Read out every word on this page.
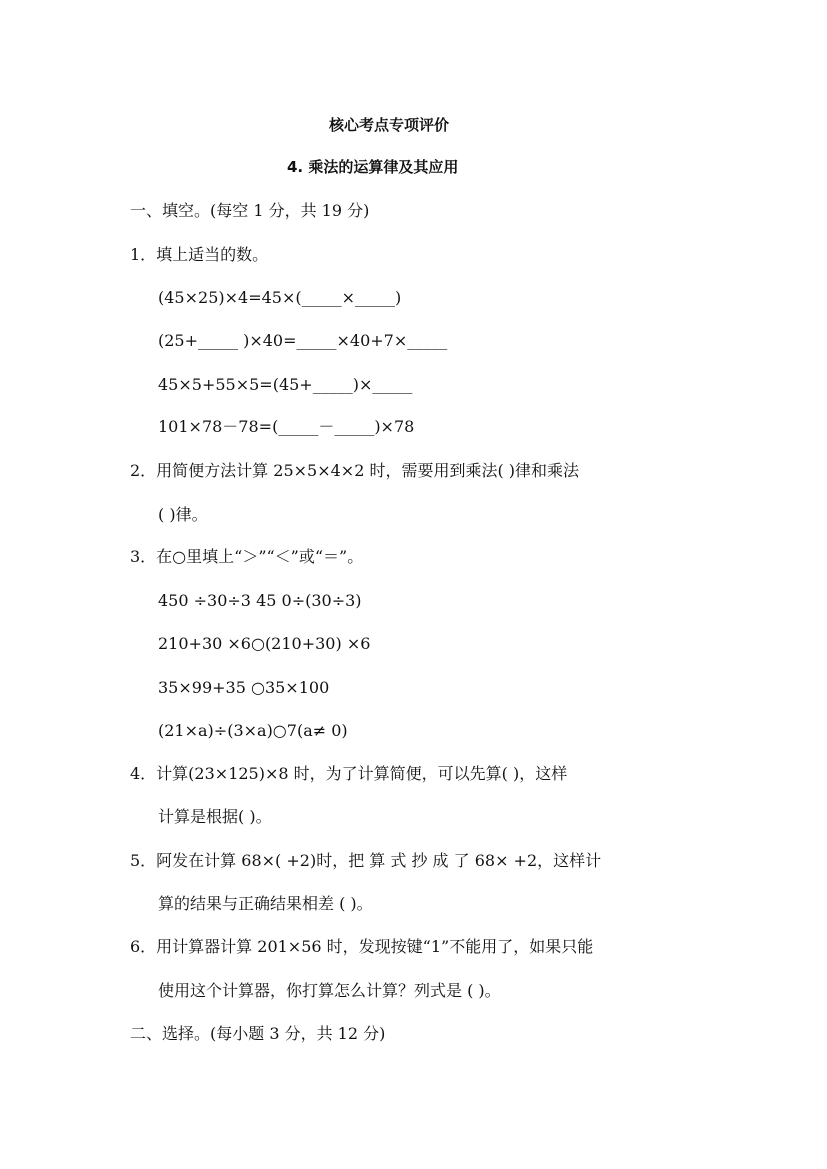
核心考点专项评价
4. 乘法的运算律及其应用
一、填空。(每空 1 分，共 19 分)
1．填上适当的数。
(45×25)×4=45×(_____×_____)
(25+_____ )×40=_____×40+7×_____
45×5+55×5=(45+_____)×_____
101×78－78=(_____－_____)×78
2．用简便方法计算 25×5×4×2 时，需要用到乘法( )律和乘法
( )律。
3．在○里填上“＞”“＜”或“＝”。
450 ÷30÷3 45 0÷(30÷3)
210+30 ×6○(210+30) ×6
35×99+35 ○35×100
(21×a)÷(3×a)○7(a≠ 0)
4．计算(23×125)×8 时，为了计算简便，可以先算( )，这样
计算是根据( )。
5．阿发在计算 68×( +2)时，把 算 式 抄 成 了 68× +2，这样计
算的结果与正确结果相差 ( )。
6．用计算器计算 201×56 时，发现按键“1”不能用了，如果只能
使用这个计算器，你打算怎么计算？列式是 ( )。
二、选择。(每小题 3 分，共 12 分)
